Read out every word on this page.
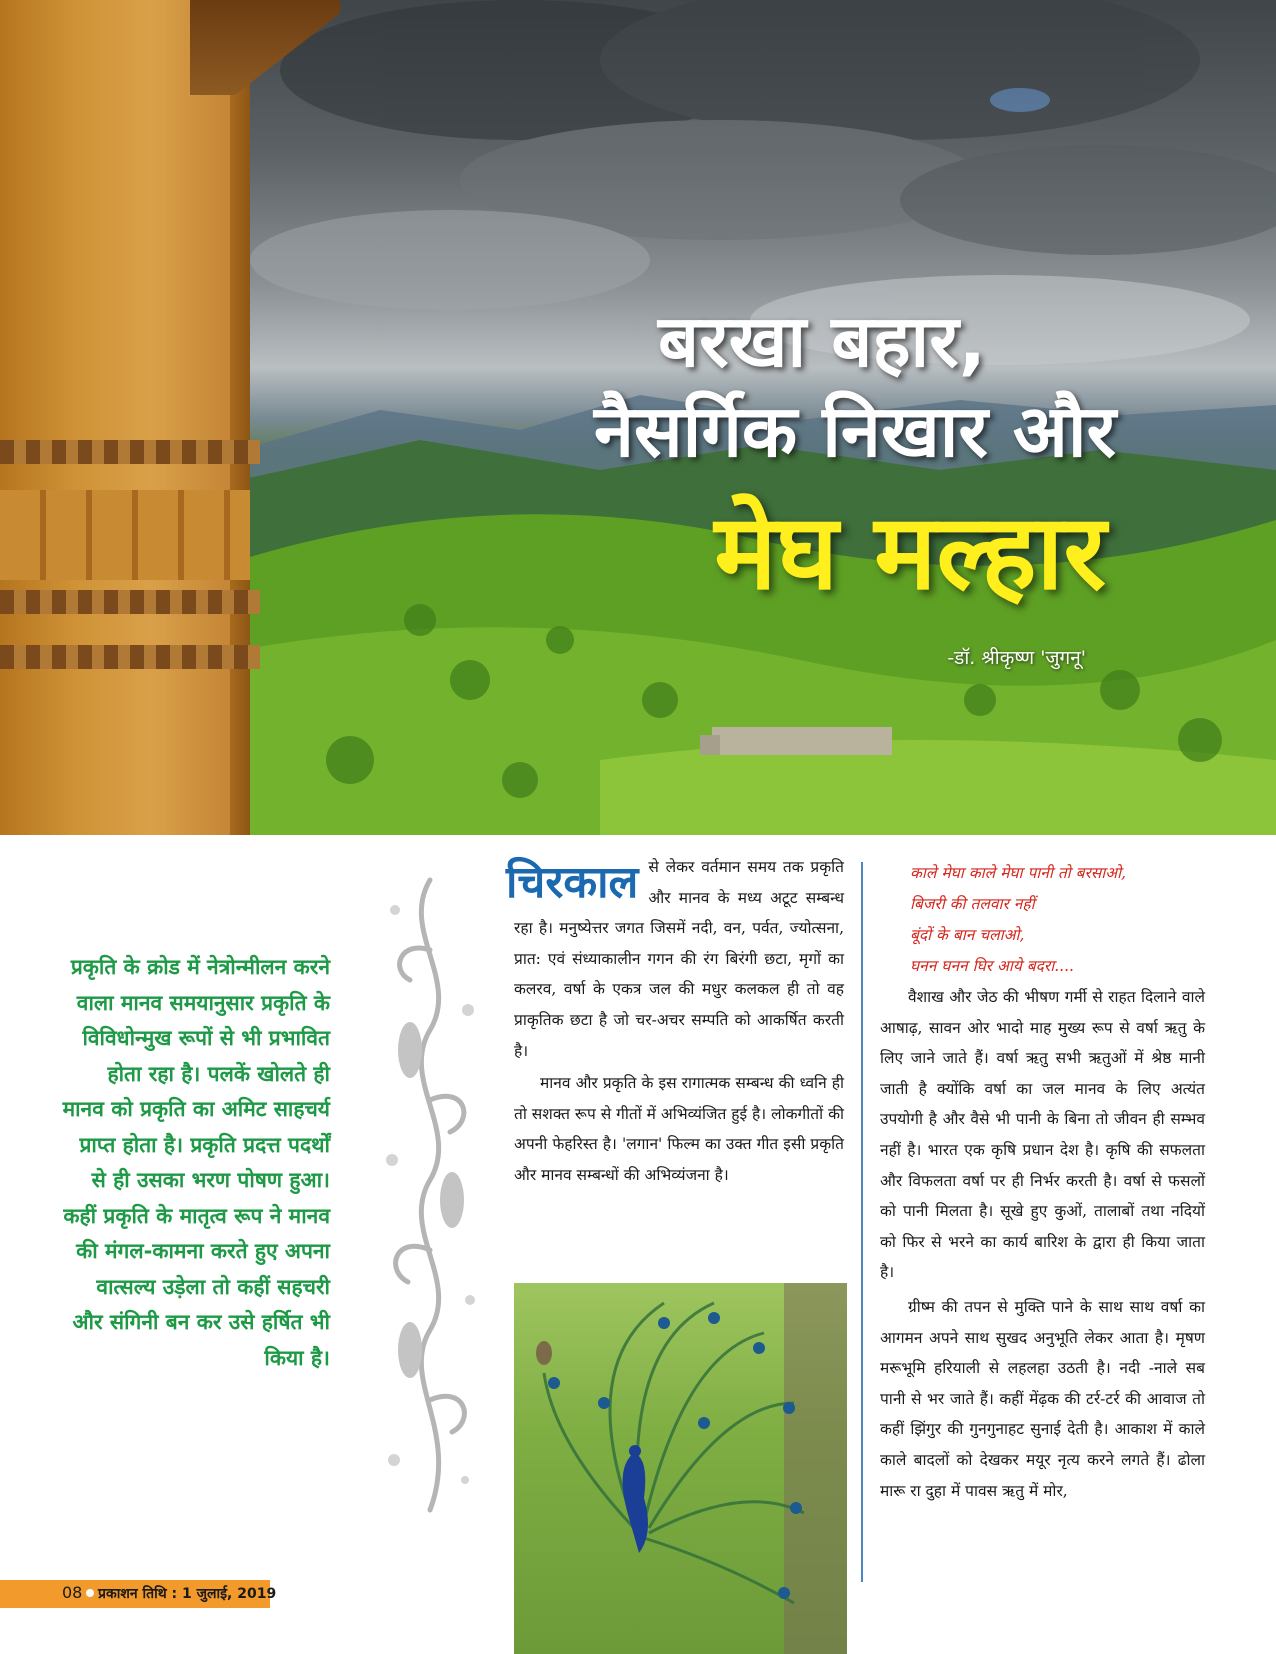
बरखा बहार,
नैसर्गिक निखार और
मेघ मल्हार

-डॉ. श्रीकृष्ण 'जुगनू'

प्रकृति के क्रोड में नेत्रोन्मीलन करने वाला मानव समयानुसार प्रकृति के विविधोन्मुख रूपों से भी प्रभावित होता रहा है। पलकें खोलते ही मानव को प्रकृति का अमिट साहचर्य प्राप्त होता है। प्रकृति प्रदत्त पदर्थों से ही उसका भरण पोषण हुआ। कहीं प्रकृति के मातृत्व रूप ने मानव की मंगल-कामना करते हुए अपना वात्सल्य उड़ेला तो कहीं सहचरी और संगिनी बन कर उसे हर्षित भी किया है।

चिरकाल से लेकर वर्तमान समय तक प्रकृति और मानव के मध्य अटूट सम्बन्ध रहा है। मनुष्येत्तर जगत जिसमें नदी, वन, पर्वत, ज्योत्सना, प्रात: एवं संध्याकालीन गगन की रंग बिरंगी छटा, मृगों का कलरव, वर्षा के एकत्र जल की मधुर कलकल ही तो वह प्राकृतिक छटा है जो चर-अचर सम्पति को आकर्षित करती है।

मानव और प्रकृति के इस रागात्मक सम्बन्ध की ध्वनि ही तो सशक्त रूप से गीतों में अभिव्यंजित हुई है। लोकगीतों की अपनी फेहरिस्त है। 'लगान' फिल्म का उक्त गीत इसी प्रकृति और मानव सम्बन्धों की अभिव्यंजना है।

काले मेघा काले मेघा पानी तो बरसाओ,
बिजरी की तलवार नहीं
बूंदों के बान चलाओ,
घनन घनन घिर आये बदरा....

वैशाख और जेठ की भीषण गर्मी से राहत दिलाने वाले आषाढ़, सावन ओर भादो माह मुख्य रूप से वर्षा ऋतु के लिए जाने जाते हैं। वर्षा ऋतु सभी ऋतुओं में श्रेष्ठ मानी जाती है क्योंकि वर्षा का जल मानव के लिए अत्यंत उपयोगी है और वैसे भी पानी के बिना तो जीवन ही सम्भव नहीं है। भारत एक कृषि प्रधान देश है। कृषि की सफलता और विफलता वर्षा पर ही निर्भर करती है। वर्षा से फसलों को पानी मिलता है। सूखे हुए कुओं, तालाबों तथा नदियों को फिर से भरने का कार्य बारिश के द्वारा ही किया जाता है।

ग्रीष्म की तपन से मुक्ति पाने के साथ साथ वर्षा का आगमन अपने साथ सुखद अनुभूति लेकर आता है। मृषण मरूभूमि हरियाली से लहलहा उठती है। नदी -नाले सब पानी से भर जाते हैं। कहीं मेंढ़क की टर्र-टर्र की आवाज तो कहीं झिंगुर की गुनगुनाहट सुनाई देती है। आकाश में काले काले बादलों को देखकर मयूर नृत्य करने लगते हैं। ढोला मारू रा दुहा में पावस ऋतु में मोर,

08 प्रकाशन तिथि : 1 जुलाई, 2019
